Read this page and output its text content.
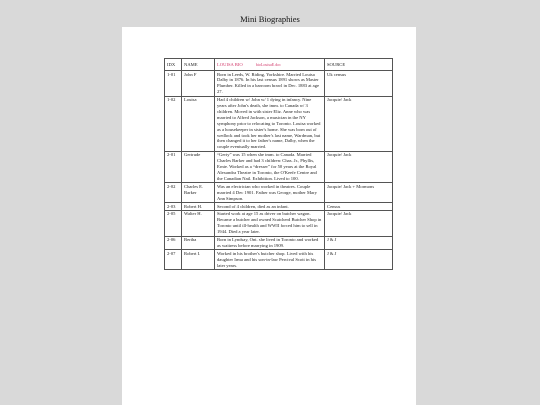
Mini Biographies
IDX	NAME	LOUISA BIO bioLouisaE.doc	SOURCE
1-01	John F	Born in Leeds, W. Riding, Yorkshire. Married Louisa Dalby in 1876. In his last census 1891 shows as Master Plumber. Killed in a barroom brawl in Dec. 1883 at age 27.	Uk census
1-02	Louisa	Had 4 children w/ John w/ 1 dying in infancy. Nine years after John's death, she imm. to Canada w/ 3 children. Moved in with sister Eliz. Anne who was married to Alfred Jackson, a musician in the NY symphony prior to relocating to Toronto. Louisa worked as a housekeeper in sister's home. She was born out of wedlock and took her mother's last name, Wardman, but then changed it to her father's name, Dalby, when the couple eventually married.	Jacquie/ Jack
2-01	Gertrude	“Gerty” was 15 when she imm. to Canada. Married Charles Barker and had 3 children: Chas. Jr., Phyllis, Ernie. Worked as a “dresser” for 50 years at the Royal Alexandra Theatre in Toronto, the O'Keefe Centre and the Canadian Natl. Exhibition. Lived to 100.	Jacquie/ Jack
2-02	Charles E. Barker	Was an electrician who worked in theatres. Couple married 4 Dec 1901. Father was George, mother Mary Ann Simpson.	Jacquie/ Jack + Mormons
2-03	Robert H.	Second of 4 children, died as an infant.	Census
2-05	Walter H.	Started work at age 15 as driver on butcher wagon. Became a butcher and owned Scatcherd Butcher Shop in Toronto until ill-health and WWII forced him to sell in 1944. Died a year later.	Jacquie/ Jack
2-06	Bertha	Born in Lyndsay, Ont. she lived in Toronto and worked as waitress before marrying in 1909.	J & J
2-07	Robert I.	Worked in his brother's butcher shop. Lived with his daughter Irma and his son-in-law Percival Scott in his later years.	J & J
